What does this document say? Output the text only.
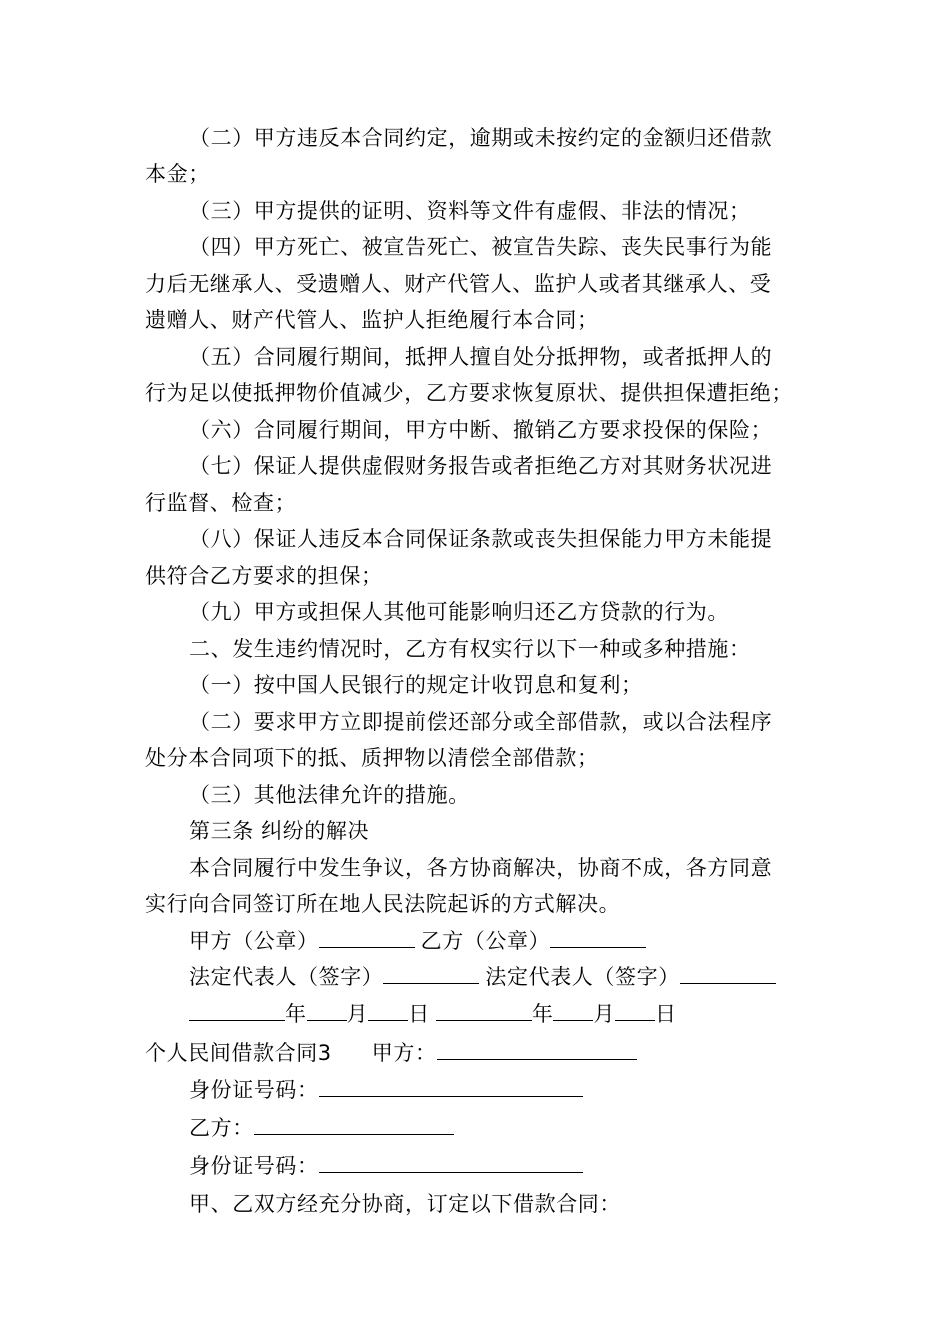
（二）甲方违反本合同约定，逾期或未按约定的金额归还借款
本金；
（三）甲方提供的证明、资料等文件有虚假、非法的情况；
（四）甲方死亡、被宣告死亡、被宣告失踪、丧失民事行为能
力后无继承人、受遗赠人、财产代管人、监护人或者其继承人、受
遗赠人、财产代管人、监护人拒绝履行本合同；
（五）合同履行期间，抵押人擅自处分抵押物，或者抵押人的
行为足以使抵押物价值减少，乙方要求恢复原状、提供担保遭拒绝；
（六）合同履行期间，甲方中断、撤销乙方要求投保的保险；
（七）保证人提供虚假财务报告或者拒绝乙方对其财务状况进
行监督、检查；
（八）保证人违反本合同保证条款或丧失担保能力甲方未能提
供符合乙方要求的担保；
（九）甲方或担保人其他可能影响归还乙方贷款的行为。
二、发生违约情况时，乙方有权实行以下一种或多种措施：
（一）按中国人民银行的规定计收罚息和复利；
（二）要求甲方立即提前偿还部分或全部借款，或以合法程序
处分本合同项下的抵、质押物以清偿全部借款；
（三）其他法律允许的措施。
第三条 纠纷的解决
本合同履行中发生争议，各方协商解决，协商不成，各方同意
实行向合同签订所在地人民法院起诉的方式解决。
甲方（公章）	乙方（公章）
法定代表人（签字）	法定代表人（签字）
年 月 日	年 月 日
个人民间借款合同3 甲方：
身份证号码：
乙方：
身份证号码：
甲、乙双方经充分协商，订定以下借款合同：
